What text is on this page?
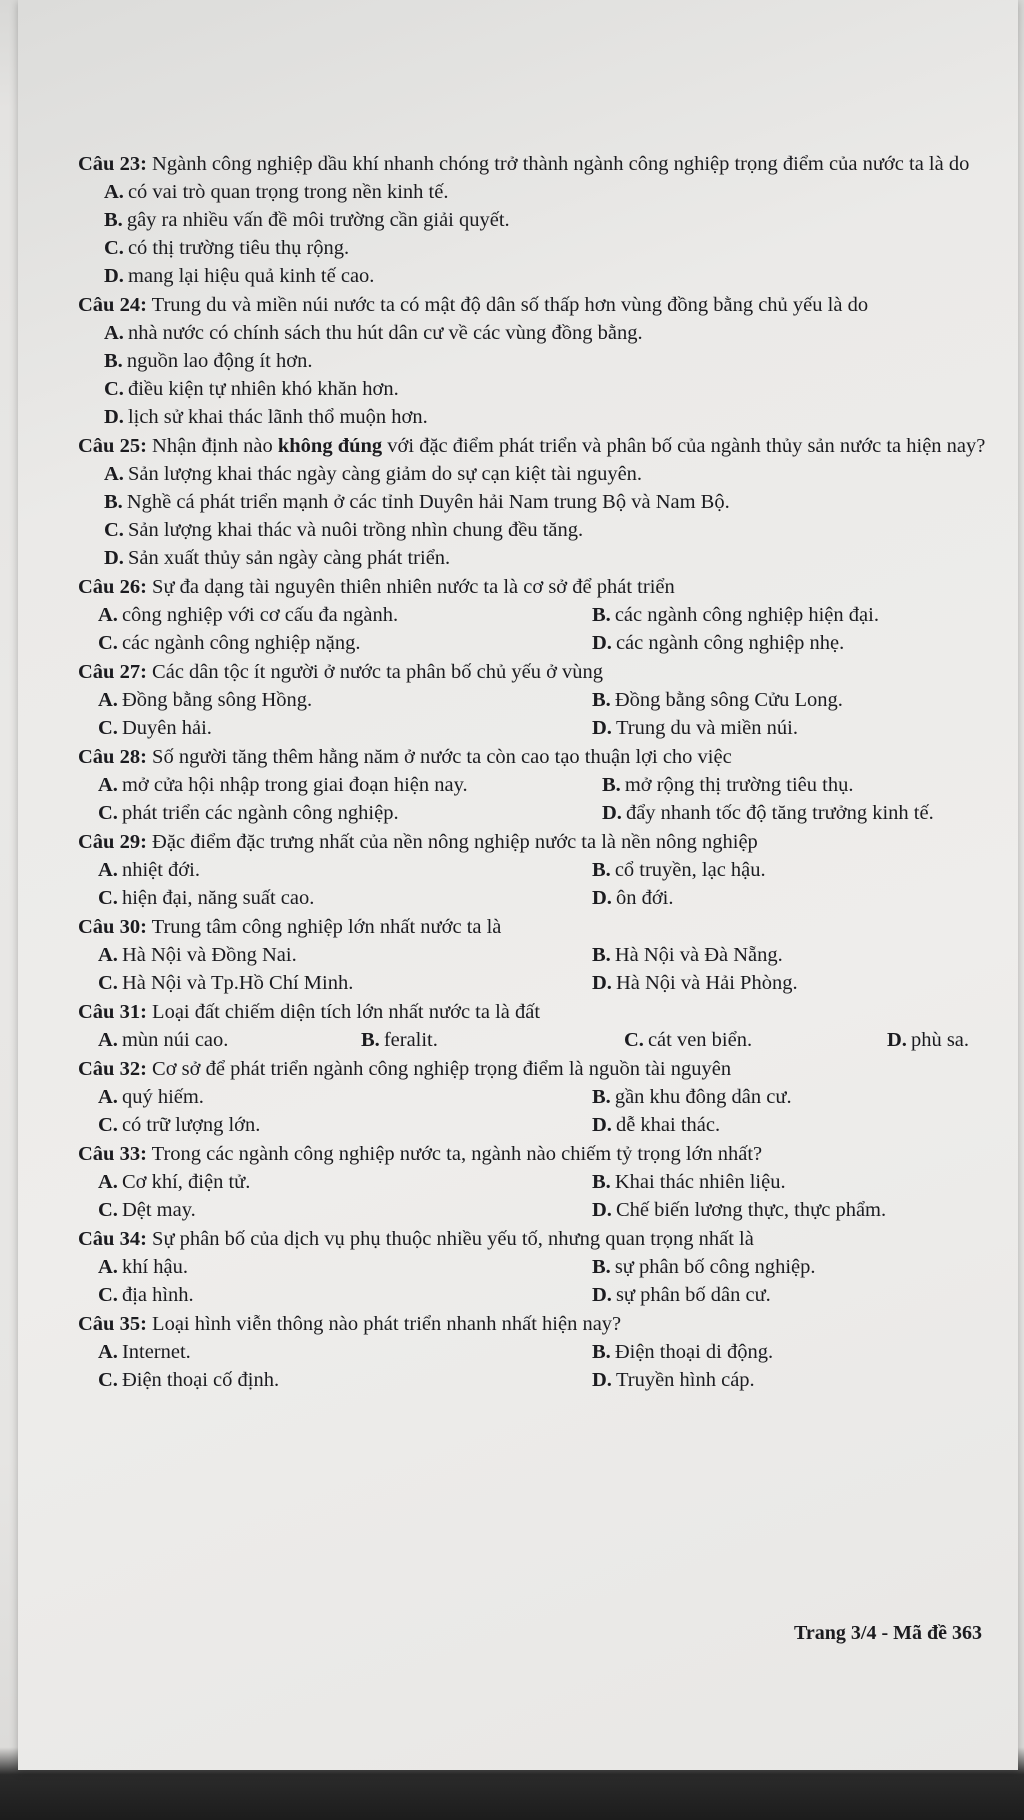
Câu 23: Ngành công nghiệp dầu khí nhanh chóng trở thành ngành công nghiệp trọng điểm của nước ta là do

A. có vai trò quan trọng trong nền kinh tế.
B. gây ra nhiều vấn đề môi trường cần giải quyết.
C. có thị trường tiêu thụ rộng.
D. mang lại hiệu quả kinh tế cao.

Câu 24: Trung du và miền núi nước ta có mật độ dân số thấp hơn vùng đồng bằng chủ yếu là do

A. nhà nước có chính sách thu hút dân cư về các vùng đồng bằng.
B. nguồn lao động ít hơn.
C. điều kiện tự nhiên khó khăn hơn.
D. lịch sử khai thác lãnh thổ muộn hơn.

Câu 25: Nhận định nào không đúng với đặc điểm phát triển và phân bố của ngành thủy sản nước ta hiện nay?

A. Sản lượng khai thác ngày càng giảm do sự cạn kiệt tài nguyên.
B. Nghề cá phát triển mạnh ở các tỉnh Duyên hải Nam trung Bộ và Nam Bộ.
C. Sản lượng khai thác và nuôi trồng nhìn chung đều tăng.
D. Sản xuất thủy sản ngày càng phát triển.

Câu 26: Sự đa dạng tài nguyên thiên nhiên nước ta là cơ sở để phát triển

A. công nghiệp với cơ cấu đa ngành.	B. các ngành công nghiệp hiện đại.
C. các ngành công nghiệp nặng.	D. các ngành công nghiệp nhẹ.

Câu 27: Các dân tộc ít người ở nước ta phân bố chủ yếu ở vùng

A. Đồng bằng sông Hồng.	B. Đồng bằng sông Cửu Long.
C. Duyên hải.	D. Trung du và miền núi.

Câu 28: Số người tăng thêm hằng năm ở nước ta còn cao tạo thuận lợi cho việc

A. mở cửa hội nhập trong giai đoạn hiện nay.	B. mở rộng thị trường tiêu thụ.
C. phát triển các ngành công nghiệp.	D. đẩy nhanh tốc độ tăng trưởng kinh tế.

Câu 29: Đặc điểm đặc trưng nhất của nền nông nghiệp nước ta là nền nông nghiệp

A. nhiệt đới.	B. cổ truyền, lạc hậu.
C. hiện đại, năng suất cao.	D. ôn đới.

Câu 30: Trung tâm công nghiệp lớn nhất nước ta là

A. Hà Nội và Đồng Nai.	B. Hà Nội và Đà Nẵng.
C. Hà Nội và Tp.Hồ Chí Minh.	D. Hà Nội và Hải Phòng.

Câu 31: Loại đất chiếm diện tích lớn nhất nước ta là đất

A. mùn núi cao.	B. feralit.	C. cát ven biển.	D. phù sa.

Câu 32: Cơ sở để phát triển ngành công nghiệp trọng điểm là nguồn tài nguyên

A. quý hiếm.	B. gần khu đông dân cư.
C. có trữ lượng lớn.	D. dễ khai thác.

Câu 33: Trong các ngành công nghiệp nước ta, ngành nào chiếm tỷ trọng lớn nhất?

A. Cơ khí, điện tử.	B. Khai thác nhiên liệu.
C. Dệt may.	D. Chế biến lương thực, thực phẩm.

Câu 34: Sự phân bố của dịch vụ phụ thuộc nhiều yếu tố, nhưng quan trọng nhất là

A. khí hậu.	B. sự phân bố công nghiệp.
C. địa hình.	D. sự phân bố dân cư.

Câu 35: Loại hình viễn thông nào phát triển nhanh nhất hiện nay?

A. Internet.	B. Điện thoại di động.
C. Điện thoại cố định.	D. Truyền hình cáp.
Trang 3/4 - Mã đề 363
